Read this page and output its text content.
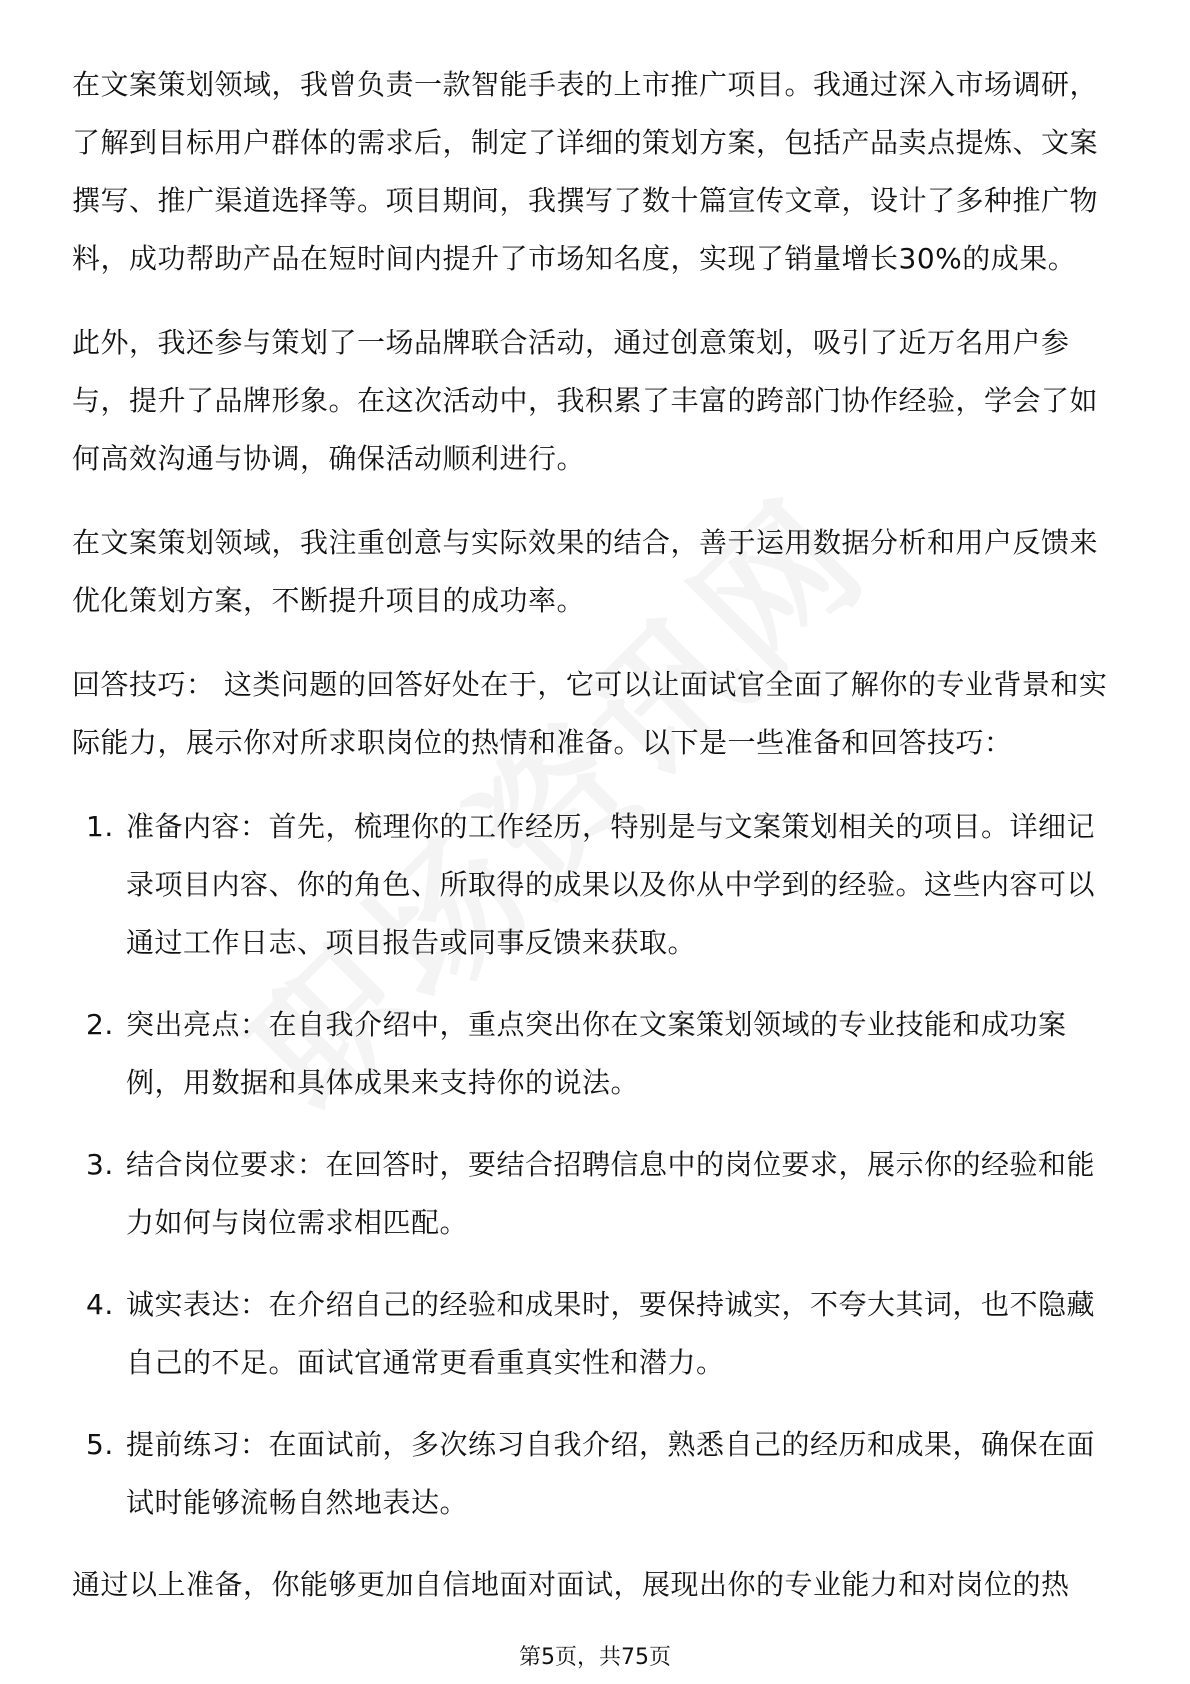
在文案策划领域，我曾负责一款智能手表的上市推广项目。我通过深入市场调研，了解到目标用户群体的需求后，制定了详细的策划方案，包括产品卖点提炼、文案撰写、推广渠道选择等。项目期间，我撰写了数十篇宣传文章，设计了多种推广物料，成功帮助产品在短时间内提升了市场知名度，实现了销量增长30%的成果。

此外，我还参与策划了一场品牌联合活动，通过创意策划，吸引了近万名用户参与，提升了品牌形象。在这次活动中，我积累了丰富的跨部门协作经验，学会了如何高效沟通与协调，确保活动顺利进行。

在文案策划领域，我注重创意与实际效果的结合，善于运用数据分析和用户反馈来优化策划方案，不断提升项目的成功率。

回答技巧： 这类问题的回答好处在于，它可以让面试官全面了解你的专业背景和实际能力，展示你对所求职岗位的热情和准备。以下是一些准备和回答技巧：

1. 准备内容：首先，梳理你的工作经历，特别是与文案策划相关的项目。详细记录项目内容、你的角色、所取得的成果以及你从中学到的经验。这些内容可以通过工作日志、项目报告或同事反馈来获取。
2. 突出亮点：在自我介绍中，重点突出你在文案策划领域的专业技能和成功案例，用数据和具体成果来支持你的说法。
3. 结合岗位要求：在回答时，要结合招聘信息中的岗位要求，展示你的经验和能力如何与岗位需求相匹配。
4. 诚实表达：在介绍自己的经验和成果时，要保持诚实，不夸大其词，也不隐藏自己的不足。面试官通常更看重真实性和潜力。
5. 提前练习：在面试前，多次练习自我介绍，熟悉自己的经历和成果，确保在面试时能够流畅自然地表达。

通过以上准备，你能够更加自信地面对面试，展现出你的专业能力和对岗位的热

第5页，共75页
